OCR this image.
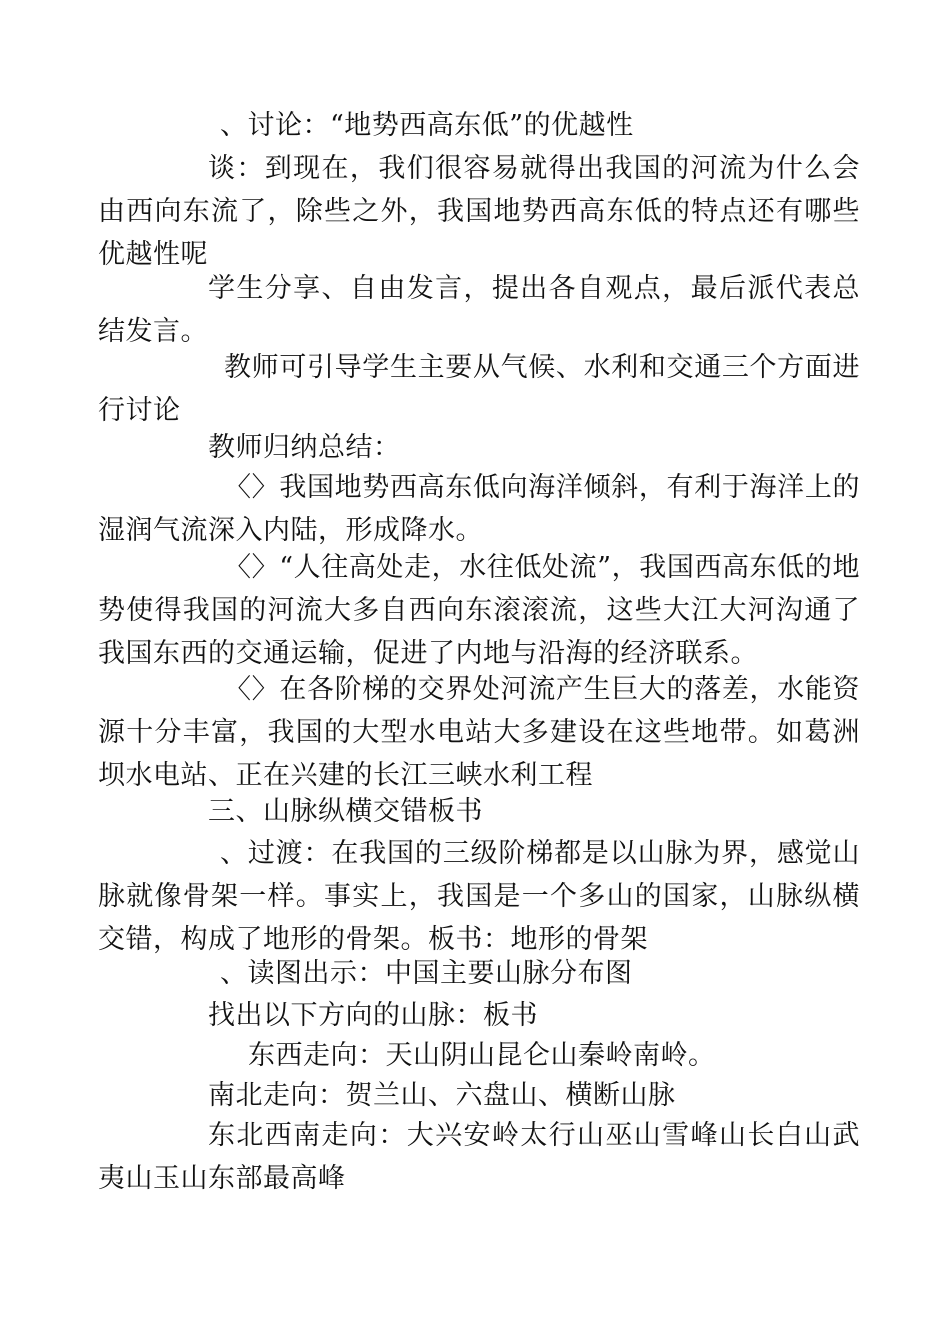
、讨论：“地势西高东低”的优越性

谈：到现在，我们很容易就得出我国的河流为什么会由西向东流了，除些之外，我国地势西高东低的特点还有哪些优越性呢

学生分享、自由发言，提出各自观点，最后派代表总结发言。

教师可引导学生主要从气候、水利和交通三个方面进行讨论

教师归纳总结：

〈〉我国地势西高东低向海洋倾斜，有利于海洋上的湿润气流深入内陆，形成降水。

〈〉“人往高处走，水往低处流”，我国西高东低的地势使得我国的河流大多自西向东滚滚流，这些大江大河沟通了我国东西的交通运输，促进了内地与沿海的经济联系。

〈〉在各阶梯的交界处河流产生巨大的落差，水能资源十分丰富，我国的大型水电站大多建设在这些地带。如葛洲坝水电站、正在兴建的长江三峡水利工程

三、山脉纵横交错板书

、过渡：在我国的三级阶梯都是以山脉为界，感觉山脉就像骨架一样。事实上，我国是一个多山的国家，山脉纵横交错，构成了地形的骨架。板书：地形的骨架

、读图出示：中国主要山脉分布图

找出以下方向的山脉：板书

东西走向：天山阴山昆仑山秦岭南岭。

南北走向：贺兰山、六盘山、横断山脉

东北西南走向：大兴安岭太行山巫山雪峰山长白山武夷山玉山东部最高峰
